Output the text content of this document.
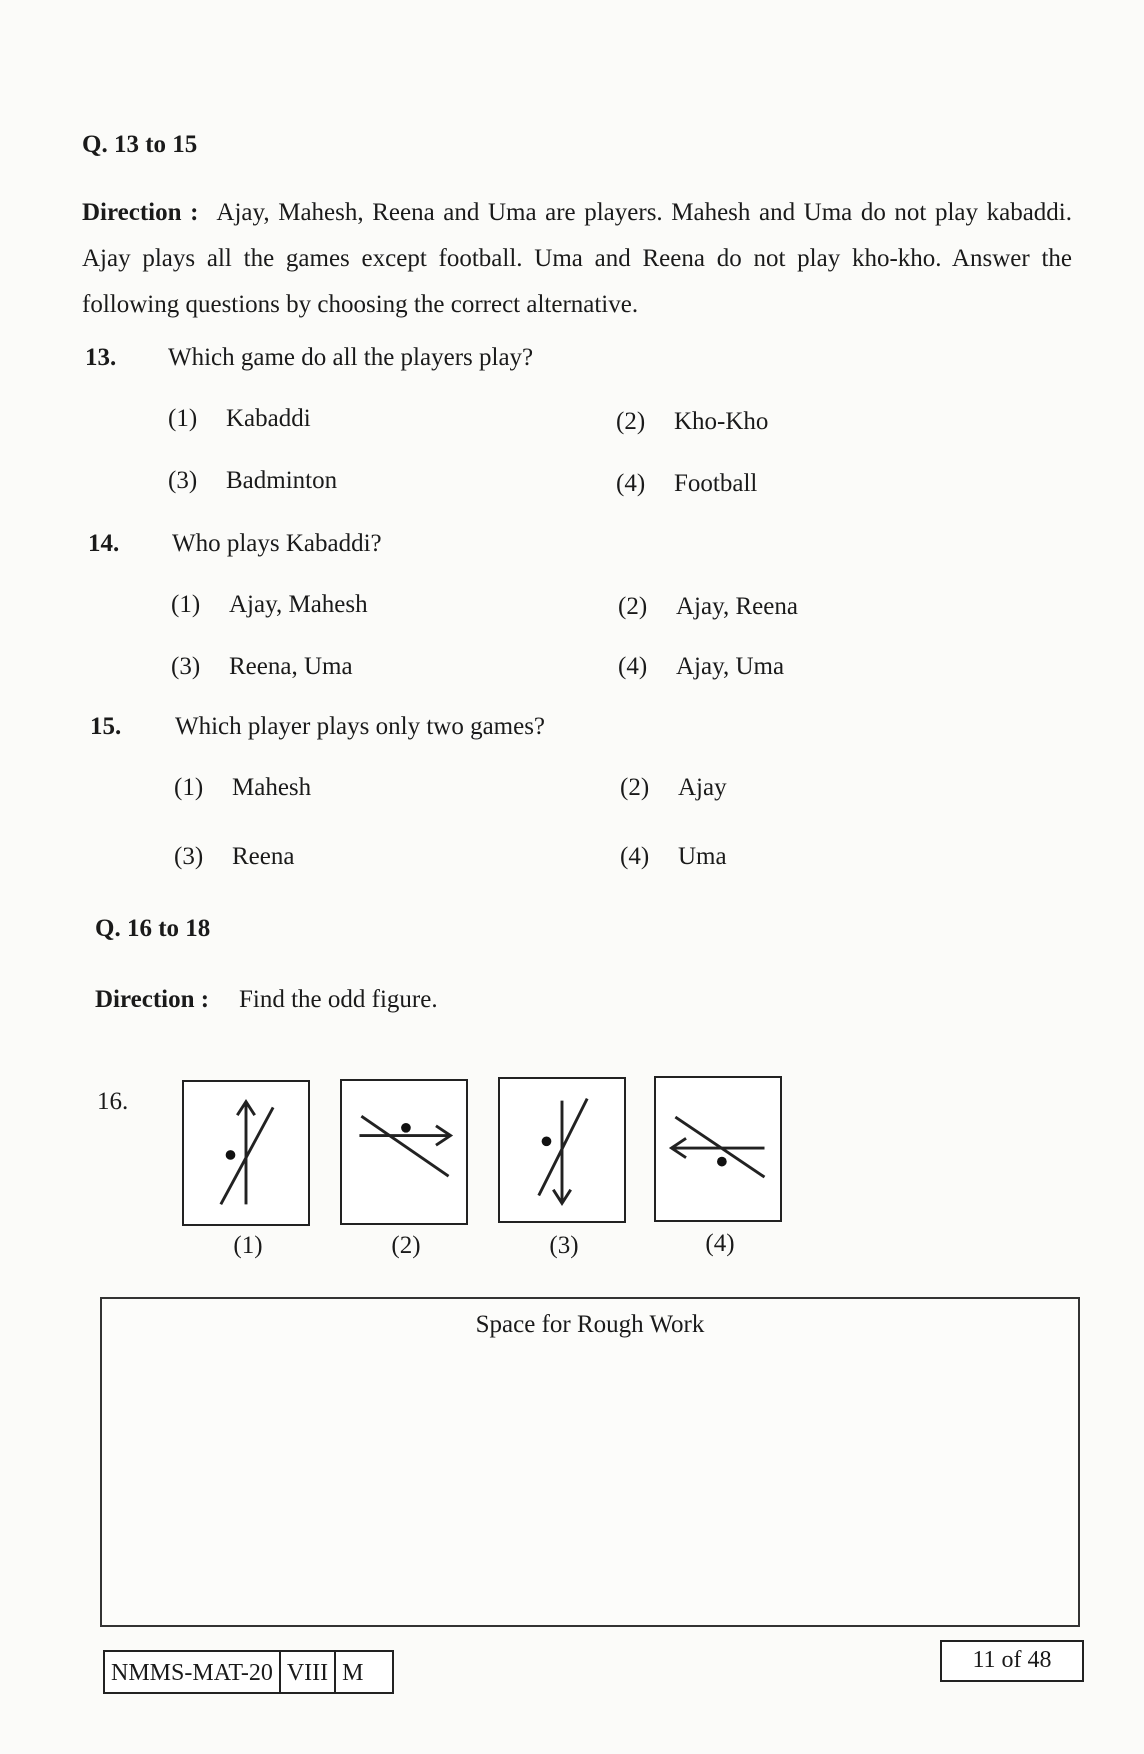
Q. 13 to 15
Direction : Ajay, Mahesh, Reena and Uma are players. Mahesh and Uma do not play kabaddi. Ajay plays all the games except football. Uma and Reena do not play kho-kho. Answer the following questions by choosing the correct alternative.
13. Which game do all the players play?
(1) Kabaddi	(2) Kho-Kho
(3) Badminton	(4) Football
14. Who plays Kabaddi?
(1) Ajay, Mahesh	(2) Ajay, Reena
(3) Reena, Uma	(4) Ajay, Uma
15. Which player plays only two games?
(1) Mahesh	(2) Ajay
(3) Reena	(4) Uma
Q. 16 to 18
Direction : Find the odd figure.
16.
(1)	(2)	(3)	(4)
Space for Rough Work
NMMS-MAT-20 VIII M	11 of 48
